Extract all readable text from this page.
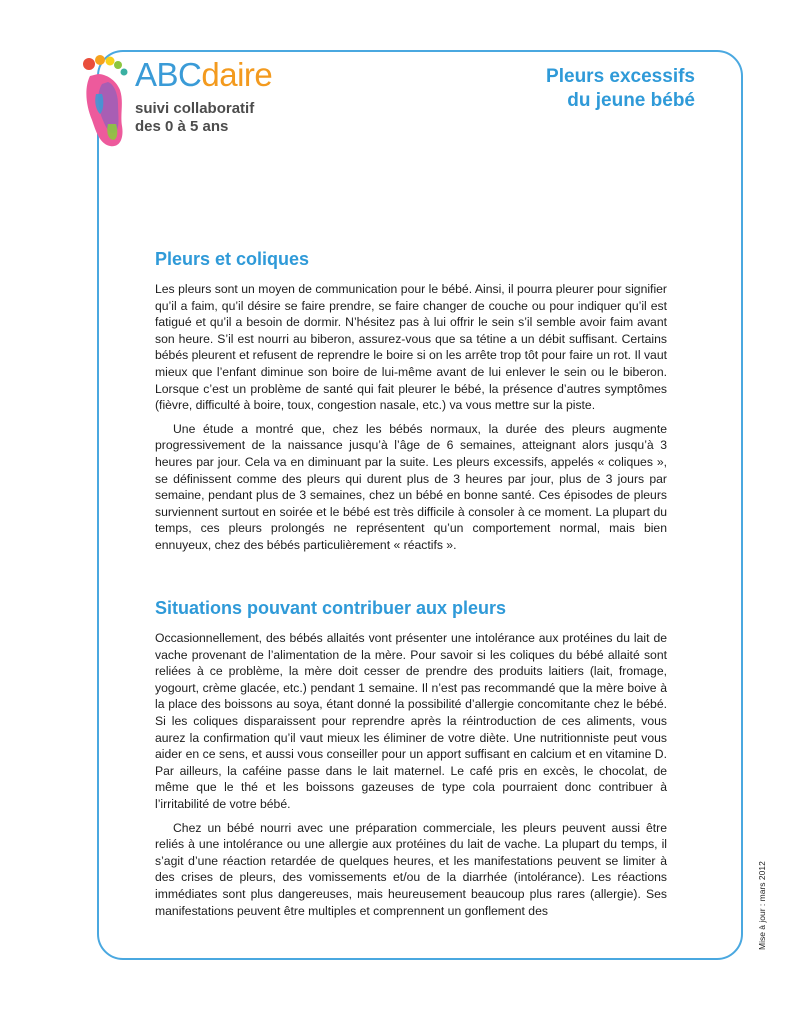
ABCdaire
suivi collaboratif
des 0 à 5 ans
Pleurs excessifs
du jeune bébé
Pleurs et coliques

Les pleurs sont un moyen de communication pour le bébé. Ainsi, il pourra pleurer pour signifier qu’il a faim, qu’il désire se faire prendre, se faire changer de couche ou pour indiquer qu’il est fatigué et qu’il a besoin de dormir. N’hésitez pas à lui offrir le sein s’il semble avoir faim avant son heure. S’il est nourri au biberon, assurez-vous que sa tétine a un débit suffisant. Certains bébés pleurent et refusent de reprendre le boire si on les arrête trop tôt pour faire un rot. Il vaut mieux que l’enfant diminue son boire de lui-même avant de lui enlever le sein ou le biberon. Lorsque c’est un problème de santé qui fait pleurer le bébé, la présence d’autres symptômes (fièvre, difficulté à boire, toux, congestion nasale, etc.) va vous mettre sur la piste.

Une étude a montré que, chez les bébés normaux, la durée des pleurs augmente progressivement de la naissance jusqu’à l’âge de 6 semaines, atteignant alors jusqu’à 3 heures par jour. Cela va en diminuant par la suite. Les pleurs excessifs, appelés « coliques », se définissent comme des pleurs qui durent plus de 3 heures par jour, plus de 3 jours par semaine, pendant plus de 3 semaines, chez un bébé en bonne santé. Ces épisodes de pleurs surviennent surtout en soirée et le bébé est très difficile à consoler à ce moment. La plupart du temps, ces pleurs prolongés ne représentent qu’un comportement normal, mais bien ennuyeux, chez des bébés particulièrement « réactifs ».

Situations pouvant contribuer aux pleurs

Occasionnellement, des bébés allaités vont présenter une intolérance aux protéines du lait de vache provenant de l’alimentation de la mère. Pour savoir si les coliques du bébé allaité sont reliées à ce problème, la mère doit cesser de prendre des produits laitiers (lait, fromage, yogourt, crème glacée, etc.) pendant 1 semaine. Il n’est pas recommandé que la mère boive à la place des boissons au soya, étant donné la possibilité d’allergie concomitante chez le bébé. Si les coliques disparaissent pour reprendre après la réintroduction de ces aliments, vous aurez la confirmation qu’il vaut mieux les éliminer de votre diète. Une nutritionniste peut vous aider en ce sens, et aussi vous conseiller pour un apport suffisant en calcium et en vitamine D. Par ailleurs, la caféine passe dans le lait maternel. Le café pris en excès, le chocolat, de même que le thé et les boissons gazeuses de type cola pourraient donc contribuer à l’irritabilité de votre bébé.

Chez un bébé nourri avec une préparation commerciale, les pleurs peuvent aussi être reliés à une intolérance ou une allergie aux protéines du lait de vache. La plupart du temps, il s’agit d’une réaction retardée de quelques heures, et les manifestations peuvent se limiter à des crises de pleurs, des vomissements et/ou de la diarrhée (intolérance). Les réactions immédiates sont plus dangereuses, mais heureusement beaucoup plus rares (allergie). Ses manifestations peuvent être multiples et comprennent un gonflement des	Mise à jour : mars 2012
